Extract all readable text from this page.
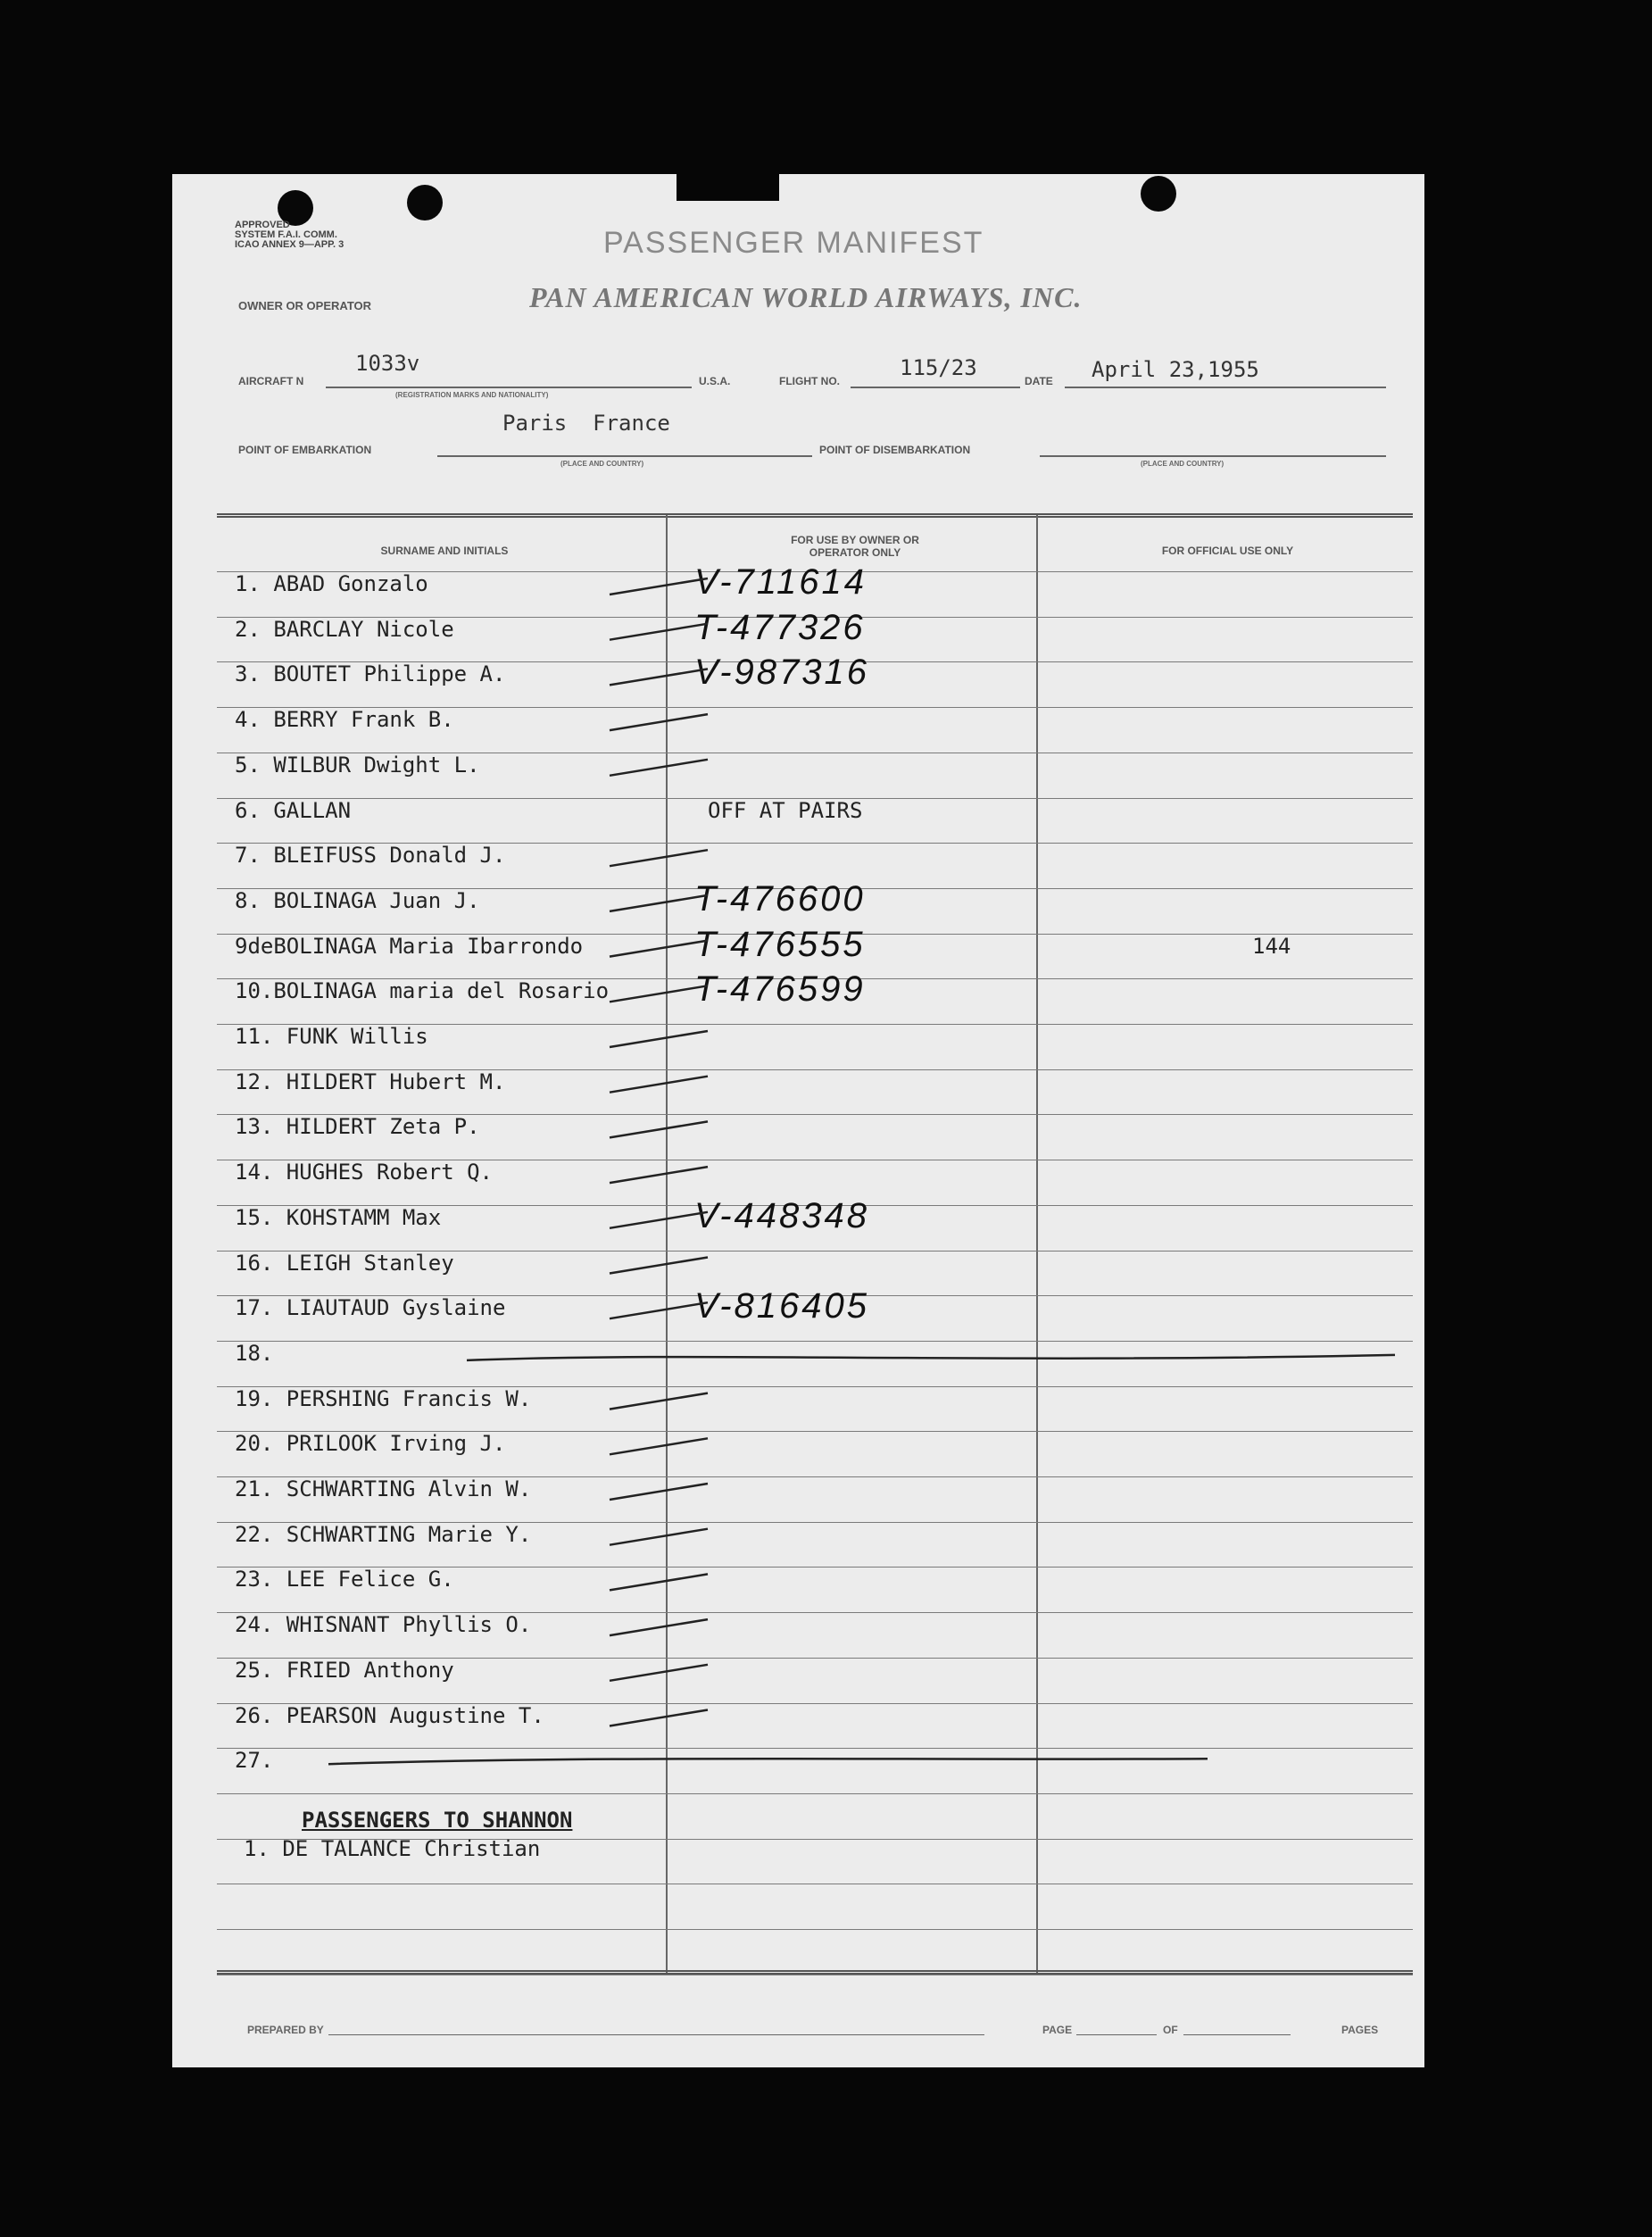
APPROVED
SYSTEM F.A.I. COMM.
ICAO ANNEX 9—APP. 3	PASSENGER MANIFEST
OWNER OR OPERATOR	PAN AMERICAN WORLD AIRWAYS, INC.
AIRCRAFT N
1033v
(REGISTRATION MARKS AND NATIONALITY)
U.S.A.	FLIGHT NO.
115/23
DATE April 23,1955
Paris  France
POINT OF EMBARKATION
(PLACE AND COUNTRY)
POINT OF DISEMBARKATION
(PLACE AND COUNTRY)
SURNAME AND INITIALS
FOR USE BY OWNER OR OPERATOR ONLY	FOR OFFICIAL USE ONLY
1. ABAD Gonzalo	V-711614
2. BARCLAY Nicole	T-477326
3. BOUTET Philippe A.	V-987316
4. BERRY Frank B.
5. WILBUR Dwight L.
6. GALLAN	OFF AT PAIRS
7. BLEIFUSS Donald J.
8. BOLINAGA Juan J.	T-476600
9deBOLINAGA Maria Ibarrondo	T-476555	144
10.BOLINAGA maria del Rosario T-476599
11. FUNK Willis
12. HILDERT Hubert M.
13. HILDERT Zeta P.
14. HUGHES Robert Q.
15. KOHSTAMM Max	V-448348
16. LEIGH Stanley
17. LIAUTAUD Gyslaine	V-816405
18.
19. PERSHING Francis W.
20. PRILOOK Irving J.
21. SCHWARTING Alvin W.
22. SCHWARTING Marie Y.
23. LEE Felice G.
24. WHISNANT Phyllis O.
25. FRIED Anthony
26. PEARSON Augustine T.
27.
PASSENGERS TO SHANNON
1. DE TALANCE Christian
PREPARED BY	PAGE	OF	PAGES
